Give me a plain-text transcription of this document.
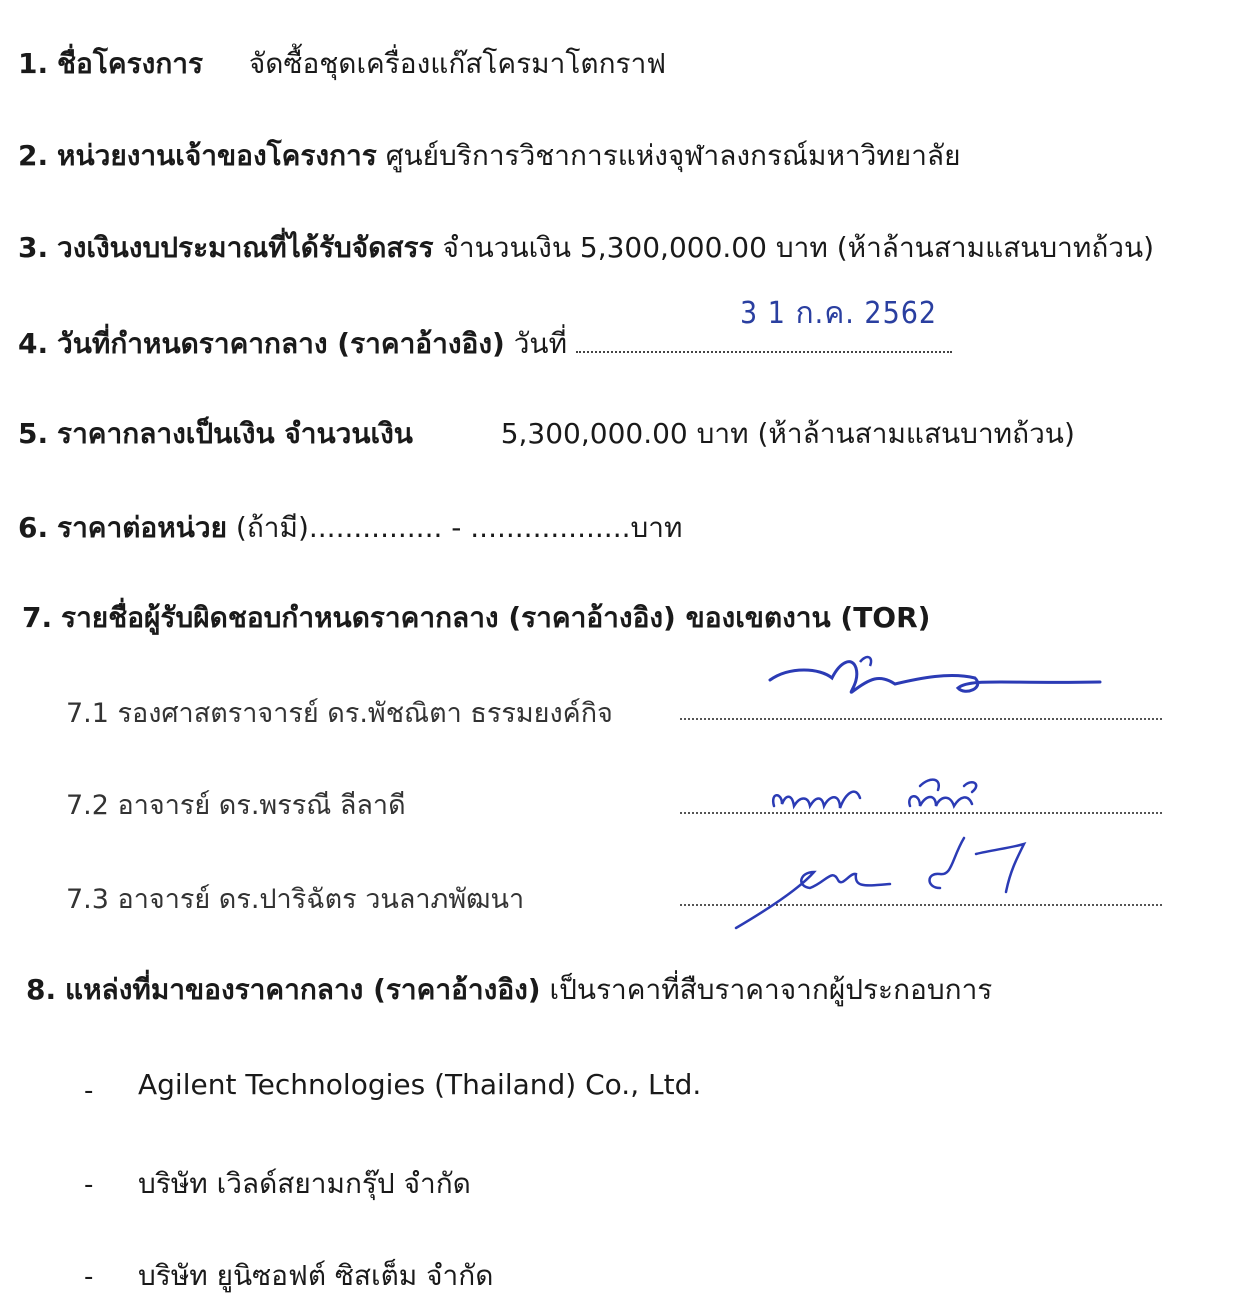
1. ชื่อโครงการ จัดซื้อชุดเครื่องแก๊สโครมาโตกราฟ
2. หน่วยงานเจ้าของโครงการ ศูนย์บริการวิชาการแห่งจุฬาลงกรณ์มหาวิทยาลัย
3. วงเงินงบประมาณที่ได้รับจัดสรร จำนวนเงิน 5,300,000.00 บาท (ห้าล้านสามแสนบาทถ้วน)
3 1 ก.ค. 2562
4. วันที่กำหนดราคากลาง (ราคาอ้างอิง) วันที่
5. ราคากลางเป็นเงิน จำนวนเงิน	5,300,000.00 บาท (ห้าล้านสามแสนบาทถ้วน)
6. ราคาต่อหน่วย (ถ้ามี)............... - ..................บาท
7. รายชื่อผู้รับผิดชอบกำหนดราคากลาง (ราคาอ้างอิง) ของเขตงาน (TOR)
7.1 รองศาสตราจารย์ ดร.พัชณิตา ธรรมยงค์กิจ
7.2 อาจารย์ ดร.พรรณี ลีลาดี
7.3 อาจารย์ ดร.ปาริฉัตร วนลาภพัฒนา
8. แหล่งที่มาของราคากลาง (ราคาอ้างอิง) เป็นราคาที่สืบราคาจากผู้ประกอบการ
- Agilent Technologies (Thailand) Co., Ltd.
- บริษัท เวิลด์สยามกรุ๊ป จำกัด
- บริษัท ยูนิซอฟต์ ซิสเต็ม จำกัด
